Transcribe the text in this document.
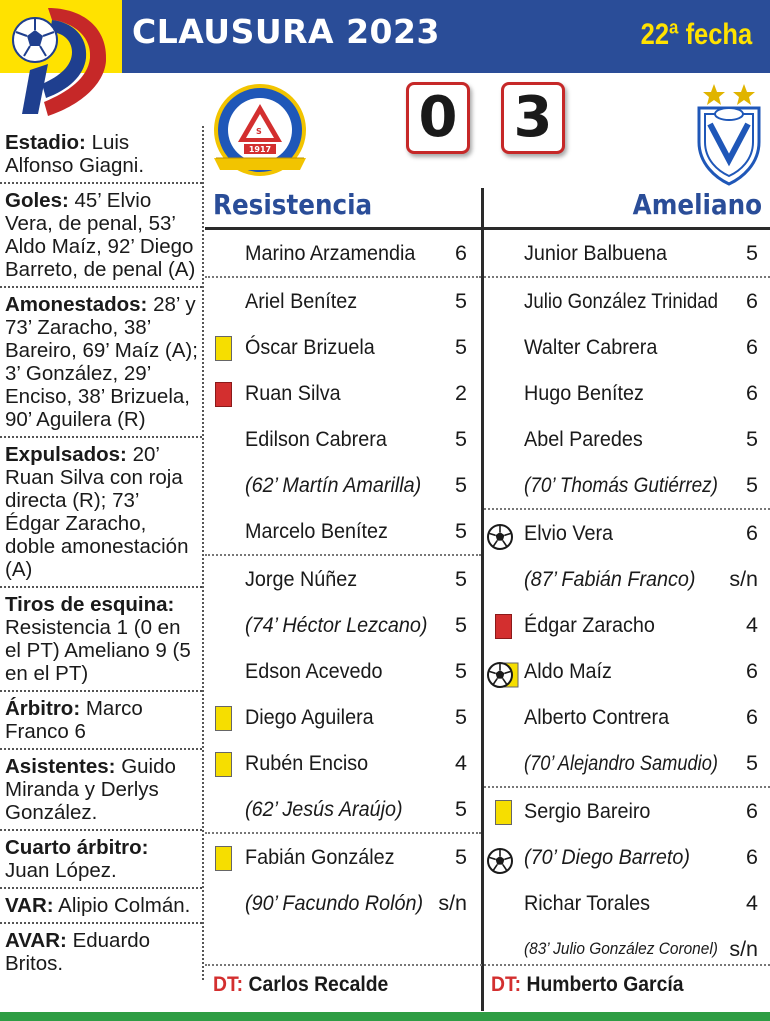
CLAUSURA 2023	22ª fecha
S
1917	0 3
Estadio: Luis Alfonso Giagni.
Goles: 45’ Elvio Vera, de penal, 53’ Aldo Maíz, 92’ Diego Barreto, de penal (A)
Amonestados: 28’ y 73’ Zaracho, 38’ Bareiro, 69’ Maíz (A); 3’ González, 29’ Enciso, 38’ Brizuela, 90’ Aguilera (R)
Expulsados: 20’ Ruan Silva con roja directa (R); 73’ Édgar Zaracho, doble amonestación (A)
Tiros de esquina: Resistencia 1 (0 en el PT) Ameliano 9 (5 en el PT)
Árbitro: Marco Franco 6
Asistentes: Guido Miranda y Derlys González.
Cuarto árbitro: Juan López.
VAR: Alipio Colmán.
AVAR: Eduardo Britos.
Resistencia	Ameliano
Marino Arzamendia 6
Ariel Benítez	5
Óscar Brizuela	5
Ruan Silva	2
Edilson Cabrera	5
(62’ Martín Amarilla) 5
Marcelo Benítez	5
Jorge Núñez	5
(74’ Héctor Lezcano) 5
Edson Acevedo	5
Diego Aguilera	5
Rubén Enciso	4
(62’ Jesús Araújo) 5
Fabián González	5
(90’ Facundo Rolón) s/n
Junior Balbuena	5
Julio González Trinidad 6
Walter Cabrera	6
Hugo Benítez	6
Abel Paredes	5
(70’ Thomás Gutiérrez) 5
Elvio Vera	6
(87’ Fabián Franco) s/n
Édgar Zaracho	4
Aldo Maíz	6
Alberto Contrera	6
(70’ Alejandro Samudio) 5
Sergio Bareiro	6
(70’ Diego Barreto)	6
Richar Torales	4
(83’ Julio González Coronel) s/n
DT: Carlos Recalde	DT: Humberto García
